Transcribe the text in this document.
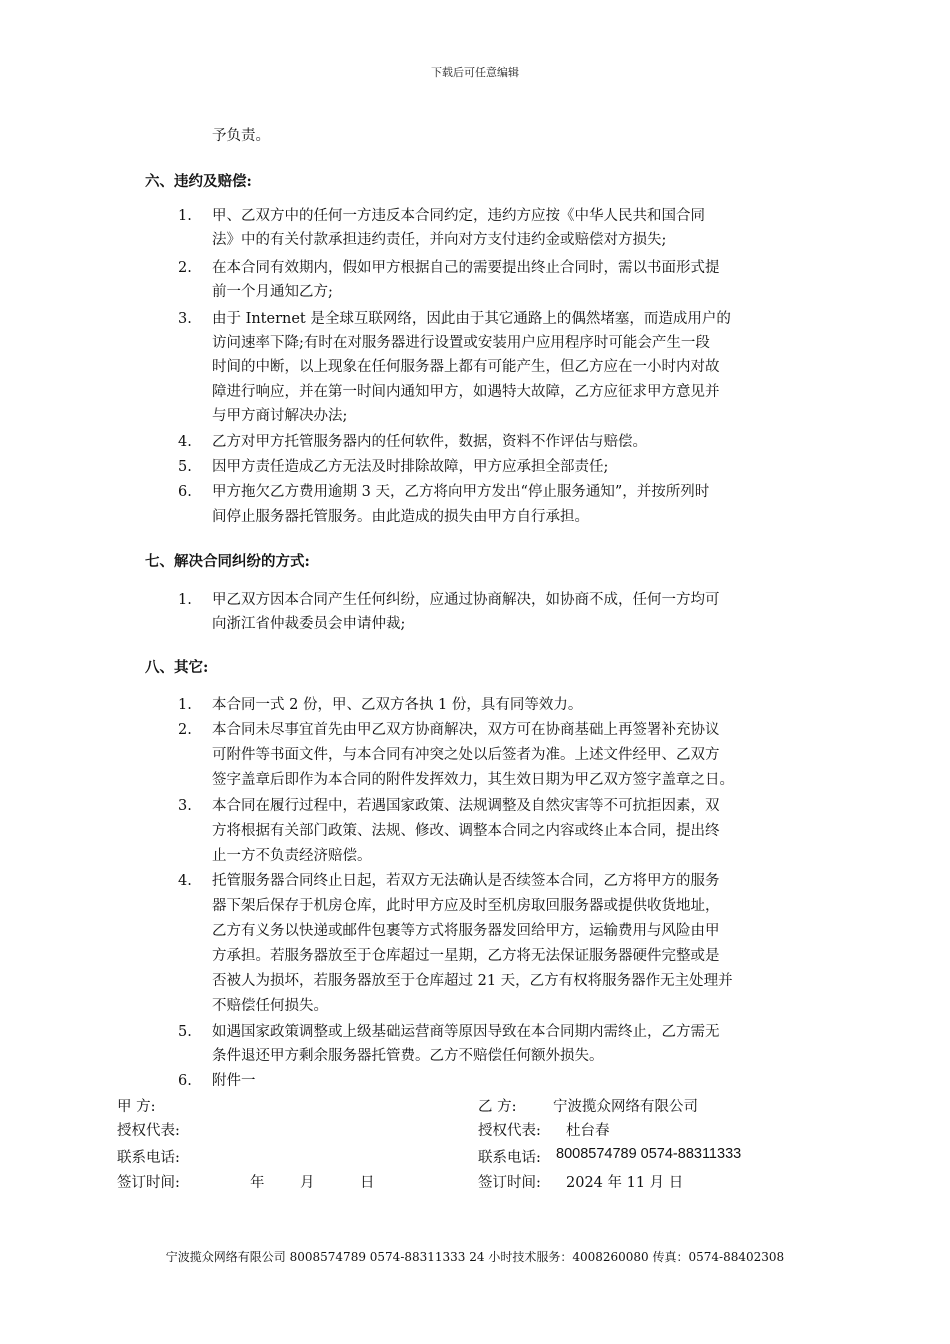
下载后可任意编辑
予负责。
六、违约及赔偿:
1. 甲、乙双方中的任何一方违反本合同约定，违约方应按《中华人民共和国合同
法》中的有关付款承担违约责任，并向对方支付违约金或赔偿对方损失;
2. 在本合同有效期内，假如甲方根据自己的需要提出终止合同时，需以书面形式提
前一个月通知乙方;
3. 由于 Internet 是全球互联网络，因此由于其它通路上的偶然堵塞，而造成用户的
访问速率下降;有时在对服务器进行设置或安装用户应用程序时可能会产生一段
时间的中断，以上现象在任何服务器上都有可能产生，但乙方应在一小时内对故
障进行响应，并在第一时间内通知甲方，如遇特大故障，乙方应征求甲方意见并
与甲方商讨解决办法;
4. 乙方对甲方托管服务器内的任何软件，数据，资料不作评估与赔偿。
5. 因甲方责任造成乙方无法及时排除故障，甲方应承担全部责任;
6. 甲方拖欠乙方费用逾期 3 天，乙方将向甲方发出“停止服务通知”，并按所列时
间停止服务器托管服务。由此造成的损失由甲方自行承担。
七、解决合同纠纷的方式:
1. 甲乙双方因本合同产生任何纠纷，应通过协商解决，如协商不成，任何一方均可
向浙江省仲裁委员会申请仲裁;
八、其它:
1. 本合同一式 2 份，甲、乙双方各执 1 份，具有同等效力。
2. 本合同未尽事宜首先由甲乙双方协商解决，双方可在协商基础上再签署补充协议
可附件等书面文件，与本合同有冲突之处以后签者为准。上述文件经甲、乙双方
签字盖章后即作为本合同的附件发挥效力，其生效日期为甲乙双方签字盖章之日。
3. 本合同在履行过程中，若遇国家政策、法规调整及自然灾害等不可抗拒因素，双
方将根据有关部门政策、法规、修改、调整本合同之内容或终止本合同，提出终
止一方不负责经济赔偿。
4. 托管服务器合同终止日起，若双方无法确认是否续签本合同，乙方将甲方的服务
器下架后保存于机房仓库，此时甲方应及时至机房取回服务器或提供收货地址，
乙方有义务以快递或邮件包裹等方式将服务器发回给甲方，运输费用与风险由甲
方承担。若服务器放至于仓库超过一星期，乙方将无法保证服务器硬件完整或是
否被人为损坏，若服务器放至于仓库超过 21 天，乙方有权将服务器作无主处理并
不赔偿任何损失。
5. 如遇国家政策调整或上级基础运营商等原因导致在本合同期内需终止，乙方需无
条件退还甲方剩余服务器托管费。乙方不赔偿任何额外损失。
6. 附件一
甲 方:
授权代表:
联系电话:
签订时间:	年 月	日
乙 方:	宁波揽众网络有限公司
授权代表: 杜台春
联系电话: 8008574789 0574-88311333
签订时间: 2024 年 11 月 日
宁波揽众网络有限公司 8008574789 0574-88311333 24 小时技术服务：4008260080 传真：0574-88402308
